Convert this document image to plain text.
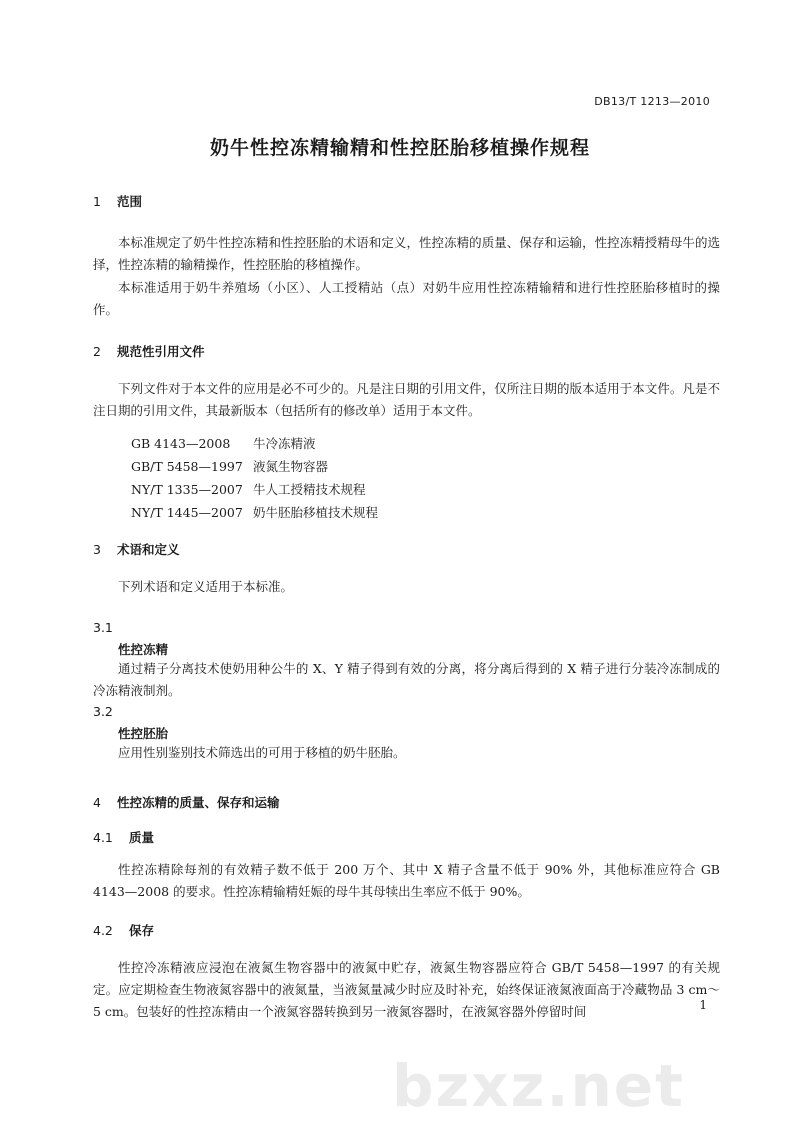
DB13/T 1213—2010
奶牛性控冻精输精和性控胚胎移植操作规程
1 范围
本标准规定了奶牛性控冻精和性控胚胎的术语和定义，性控冻精的质量、保存和运输，性控冻精授精母牛的选择，性控冻精的输精操作，性控胚胎的移植操作。
本标准适用于奶牛养殖场（小区）、人工授精站（点）对奶牛应用性控冻精输精和进行性控胚胎移植时的操作。
2 规范性引用文件
下列文件对于本文件的应用是必不可少的。凡是注日期的引用文件，仅所注日期的版本适用于本文件。凡是不注日期的引用文件，其最新版本（包括所有的修改单）适用于本文件。
GB 4143—2008 牛冷冻精液
GB/T 5458—1997 液氮生物容器
NY/T 1335—2007 牛人工授精技术规程
NY/T 1445—2007 奶牛胚胎移植技术规程
3 术语和定义
下列术语和定义适用于本标准。
3.1
性控冻精
通过精子分离技术使奶用种公牛的 X、Y 精子得到有效的分离，将分离后得到的 X 精子进行分装冷冻制成的冷冻精液制剂。
3.2
性控胚胎
应用性别鉴别技术筛选出的可用于移植的奶牛胚胎。
4 性控冻精的质量、保存和运输
4.1 质量
性控冻精除每剂的有效精子数不低于 200 万个、其中 X 精子含量不低于 90% 外，其他标准应符合 GB 4143—2008 的要求。性控冻精输精妊娠的母牛其母犊出生率应不低于 90%。
4.2 保存
性控冷冻精液应浸泡在液氮生物容器中的液氮中贮存，液氮生物容器应符合 GB/T 5458—1997 的有关规定。应定期检查生物液氮容器中的液氮量，当液氮量减少时应及时补充，始终保证液氮液面高于冷藏物品 3 cm～5 cm。包装好的性控冻精由一个液氮容器转换到另一液氮容器时，在液氮容器外停留时间
bzxz.net
1
